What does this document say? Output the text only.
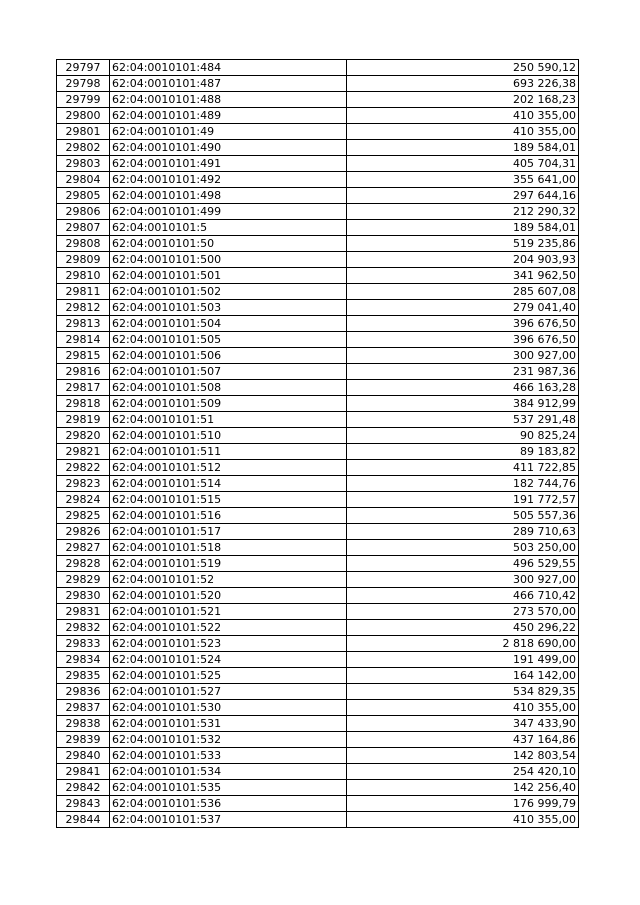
29797	62:04:0010101:484	250 590,12
29798	62:04:0010101:487	693 226,38
29799	62:04:0010101:488	202 168,23
29800	62:04:0010101:489	410 355,00
29801	62:04:0010101:49	410 355,00
29802	62:04:0010101:490	189 584,01
29803	62:04:0010101:491	405 704,31
29804	62:04:0010101:492	355 641,00
29805	62:04:0010101:498	297 644,16
29806	62:04:0010101:499	212 290,32
29807	62:04:0010101:5	189 584,01
29808	62:04:0010101:50	519 235,86
29809	62:04:0010101:500	204 903,93
29810	62:04:0010101:501	341 962,50
29811	62:04:0010101:502	285 607,08
29812	62:04:0010101:503	279 041,40
29813	62:04:0010101:504	396 676,50
29814	62:04:0010101:505	396 676,50
29815	62:04:0010101:506	300 927,00
29816	62:04:0010101:507	231 987,36
29817	62:04:0010101:508	466 163,28
29818	62:04:0010101:509	384 912,99
29819	62:04:0010101:51	537 291,48
29820	62:04:0010101:510	90 825,24
29821	62:04:0010101:511	89 183,82
29822	62:04:0010101:512	411 722,85
29823	62:04:0010101:514	182 744,76
29824	62:04:0010101:515	191 772,57
29825	62:04:0010101:516	505 557,36
29826	62:04:0010101:517	289 710,63
29827	62:04:0010101:518	503 250,00
29828	62:04:0010101:519	496 529,55
29829	62:04:0010101:52	300 927,00
29830	62:04:0010101:520	466 710,42
29831	62:04:0010101:521	273 570,00
29832	62:04:0010101:522	450 296,22
29833	62:04:0010101:523	2 818 690,00
29834	62:04:0010101:524	191 499,00
29835	62:04:0010101:525	164 142,00
29836	62:04:0010101:527	534 829,35
29837	62:04:0010101:530	410 355,00
29838	62:04:0010101:531	347 433,90
29839	62:04:0010101:532	437 164,86
29840	62:04:0010101:533	142 803,54
29841	62:04:0010101:534	254 420,10
29842	62:04:0010101:535	142 256,40
29843	62:04:0010101:536	176 999,79
29844	62:04:0010101:537	410 355,00
